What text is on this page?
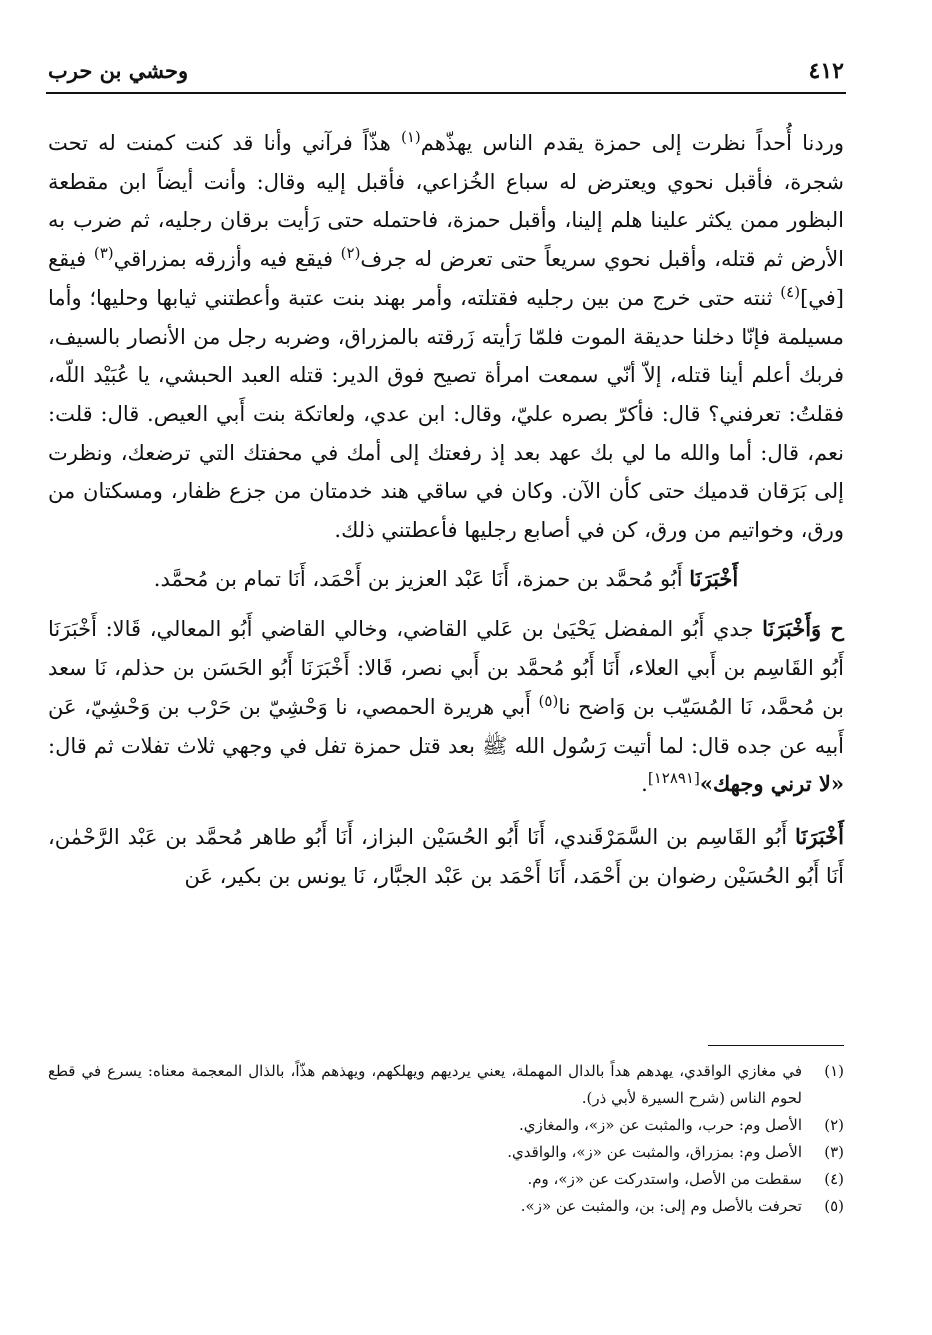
٤١٢
وحشي بن حرب

وردنا أُحداً نظرت إلى حمزة يقدم الناس يهذّهم$^{(١)}$ هذّاً فرآني وأنا قد كنت كمنت له تحت شجرة، فأقبل نحوي ويعترض له سباع الخُزاعي، فأقبل إليه وقال: وأنت أيضاً ابن مقطعة البظور ممن يكثر علينا هلم إلينا، وأقبل حمزة، فاحتمله حتى رَأيت برقان رجليه، ثم ضرب به الأرض ثم قتله، وأقبل نحوي سريعاً حتى تعرض له جرف$^{(٢)}$ فيقع فيه وأزرقه بمزراقي$^{(٣)}$ فيقع [في]$^{(٤)}$ ثنته حتى خرج من بين رجليه فقتلته، وأمر بهند بنت عتبة وأعطتني ثيابها وحليها؛ وأما مسيلمة فإنّا دخلنا حديقة الموت فلمّا رَأيته زَرقته بالمزراق، وضربه رجل من الأنصار بالسيف، فربك أعلم أينا قتله، إلاّ أنّي سمعت امرأة تصيح فوق الدير: قتله العبد الحبشي، يا عُبَيْد اللّه، فقلتُ: تعرفني؟ قال: فأكرّ بصره عليّ، وقال: ابن عدي، ولعاتكة بنت أَبي العيص. قال: قلت: نعم، قال: أما والله ما لي بك عهد بعد إذ رفعتك إلى أمك في محفتك التي ترضعك، ونظرت إلى بَرَقان قدميك حتى كأن الآن. وكان في ساقي هند خدمتان من جزع ظفار، ومسكتان من ورق، وخواتيم من ورق، كن في أصابع رجليها فأعطتني ذلك.

أَخْبَرَنَا أَبُو مُحمَّد بن حمزة، أَنَا عَبْد العزيز بن أَحْمَد، أَنَا تمام بن مُحمَّد.

ح وَأَخْبَرَنَا جدي أَبُو المفضل يَحْيَىٰ بن عَلي القاضي، وخالي القاضي أَبُو المعالي، قَالا: أَخْبَرَنَا أَبُو القَاسِم بن أَبي العلاء، أَنَا أَبُو مُحمَّد بن أَبي نصر، قَالا: أَخْبَرَنَا أَبُو الحَسَن بن حذلم، نَا سعد بن مُحمَّد، نَا المُسَيّب بن وَاضح نا$^{(٥)}$ أَبي هريرة الحمصي، نا وَحْشِيّ بن حَرْب بن وَحْشِيّ، عَن أَبيه عن جده قال: لما أتيت رَسُول الله ﷺ بعد قتل حمزة تفل في وجهي ثلاث تفلات ثم قال: «لا ترني وجهك»[١٢٨٩١].

أَخْبَرَنَا أَبُو القَاسِم بن السَّمَرْقَندي، أَنَا أَبُو الحُسَيْن البزاز، أَنَا أَبُو طاهر مُحمَّد بن عَبْد الرَّحْمٰن، أَنَا أَبُو الحُسَيْن رضوان بن أَحْمَد، أَنَا أَحْمَد بن عَبْد الجبَّار، نَا يونس بن بكير، عَن

(١)
في مغازي الواقدي، يهدهم هداً بالدال المهملة، يعني يرديهم ويهلكهم، ويهذهم هذّاً، بالذال المعجمة معناه: يسرع في قطع لحوم الناس (شرح السيرة لأبي ذر).

(٢)
الأصل وم: حرب، والمثبت عن «ز»، والمغازي.

(٣)
الأصل وم: بمزراق، والمثبت عن «ز»، والواقدي.

(٤)
سقطت من الأصل، واستدركت عن «ز»، وم.

(٥)
تحرفت بالأصل وم إلى: بن، والمثبت عن «ز».
